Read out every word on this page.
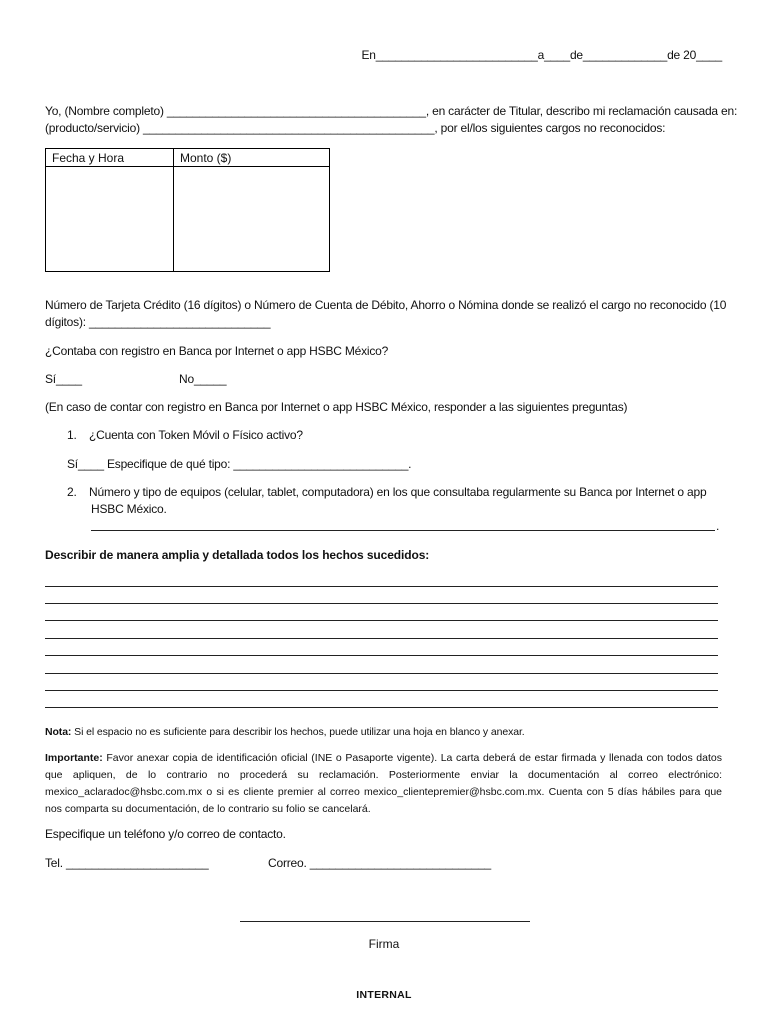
En_________________________a____de_____________de 20____
Yo, (Nombre completo) ________________________________________, en carácter de Titular, describo mi reclamación causada en:
(producto/servicio) _____________________________________________, por el/los siguientes cargos no reconocidos:
Fecha y Hora	Monto ($)

Número de Tarjeta Crédito (16 dígitos) o Número de Cuenta de Débito, Ahorro o Nómina donde se realizó el cargo no reconocido (10
dígitos): ____________________________
¿Contaba con registro en Banca por Internet o app HSBC México?
Sí____	No_____
(En caso de contar con registro en Banca por Internet o app HSBC México, responder a las siguientes preguntas)
1. ¿Cuenta con Token Móvil o Físico activo?
Sí____ Especifique de qué tipo: ___________________________.
2. Número y tipo de equipos (celular, tablet, computadora) en los que consultaba regularmente su Banca por Internet o app
HSBC México.
.
Describir de manera amplia y detallada todos los hechos sucedidos:
Nota: Si el espacio no es suficiente para describir los hechos, puede utilizar una hoja en blanco y anexar.
Importante: Favor anexar copia de identificación oficial (INE o Pasaporte vigente). La carta deberá de estar firmada y llenada con todos datos que apliquen, de lo contrario no procederá su reclamación. Posteriormente enviar la documentación al correo electrónico: mexico_aclaradoc@hsbc.com.mx o si es cliente premier al correo mexico_clientepremier@hsbc.com.mx. Cuenta con 5 días hábiles para que nos comparta su documentación, de lo contrario su folio se cancelará.
Especifique un teléfono y/o correo de contacto.
Tel. ______________________	Correo. ____________________________
Firma
INTERNAL
